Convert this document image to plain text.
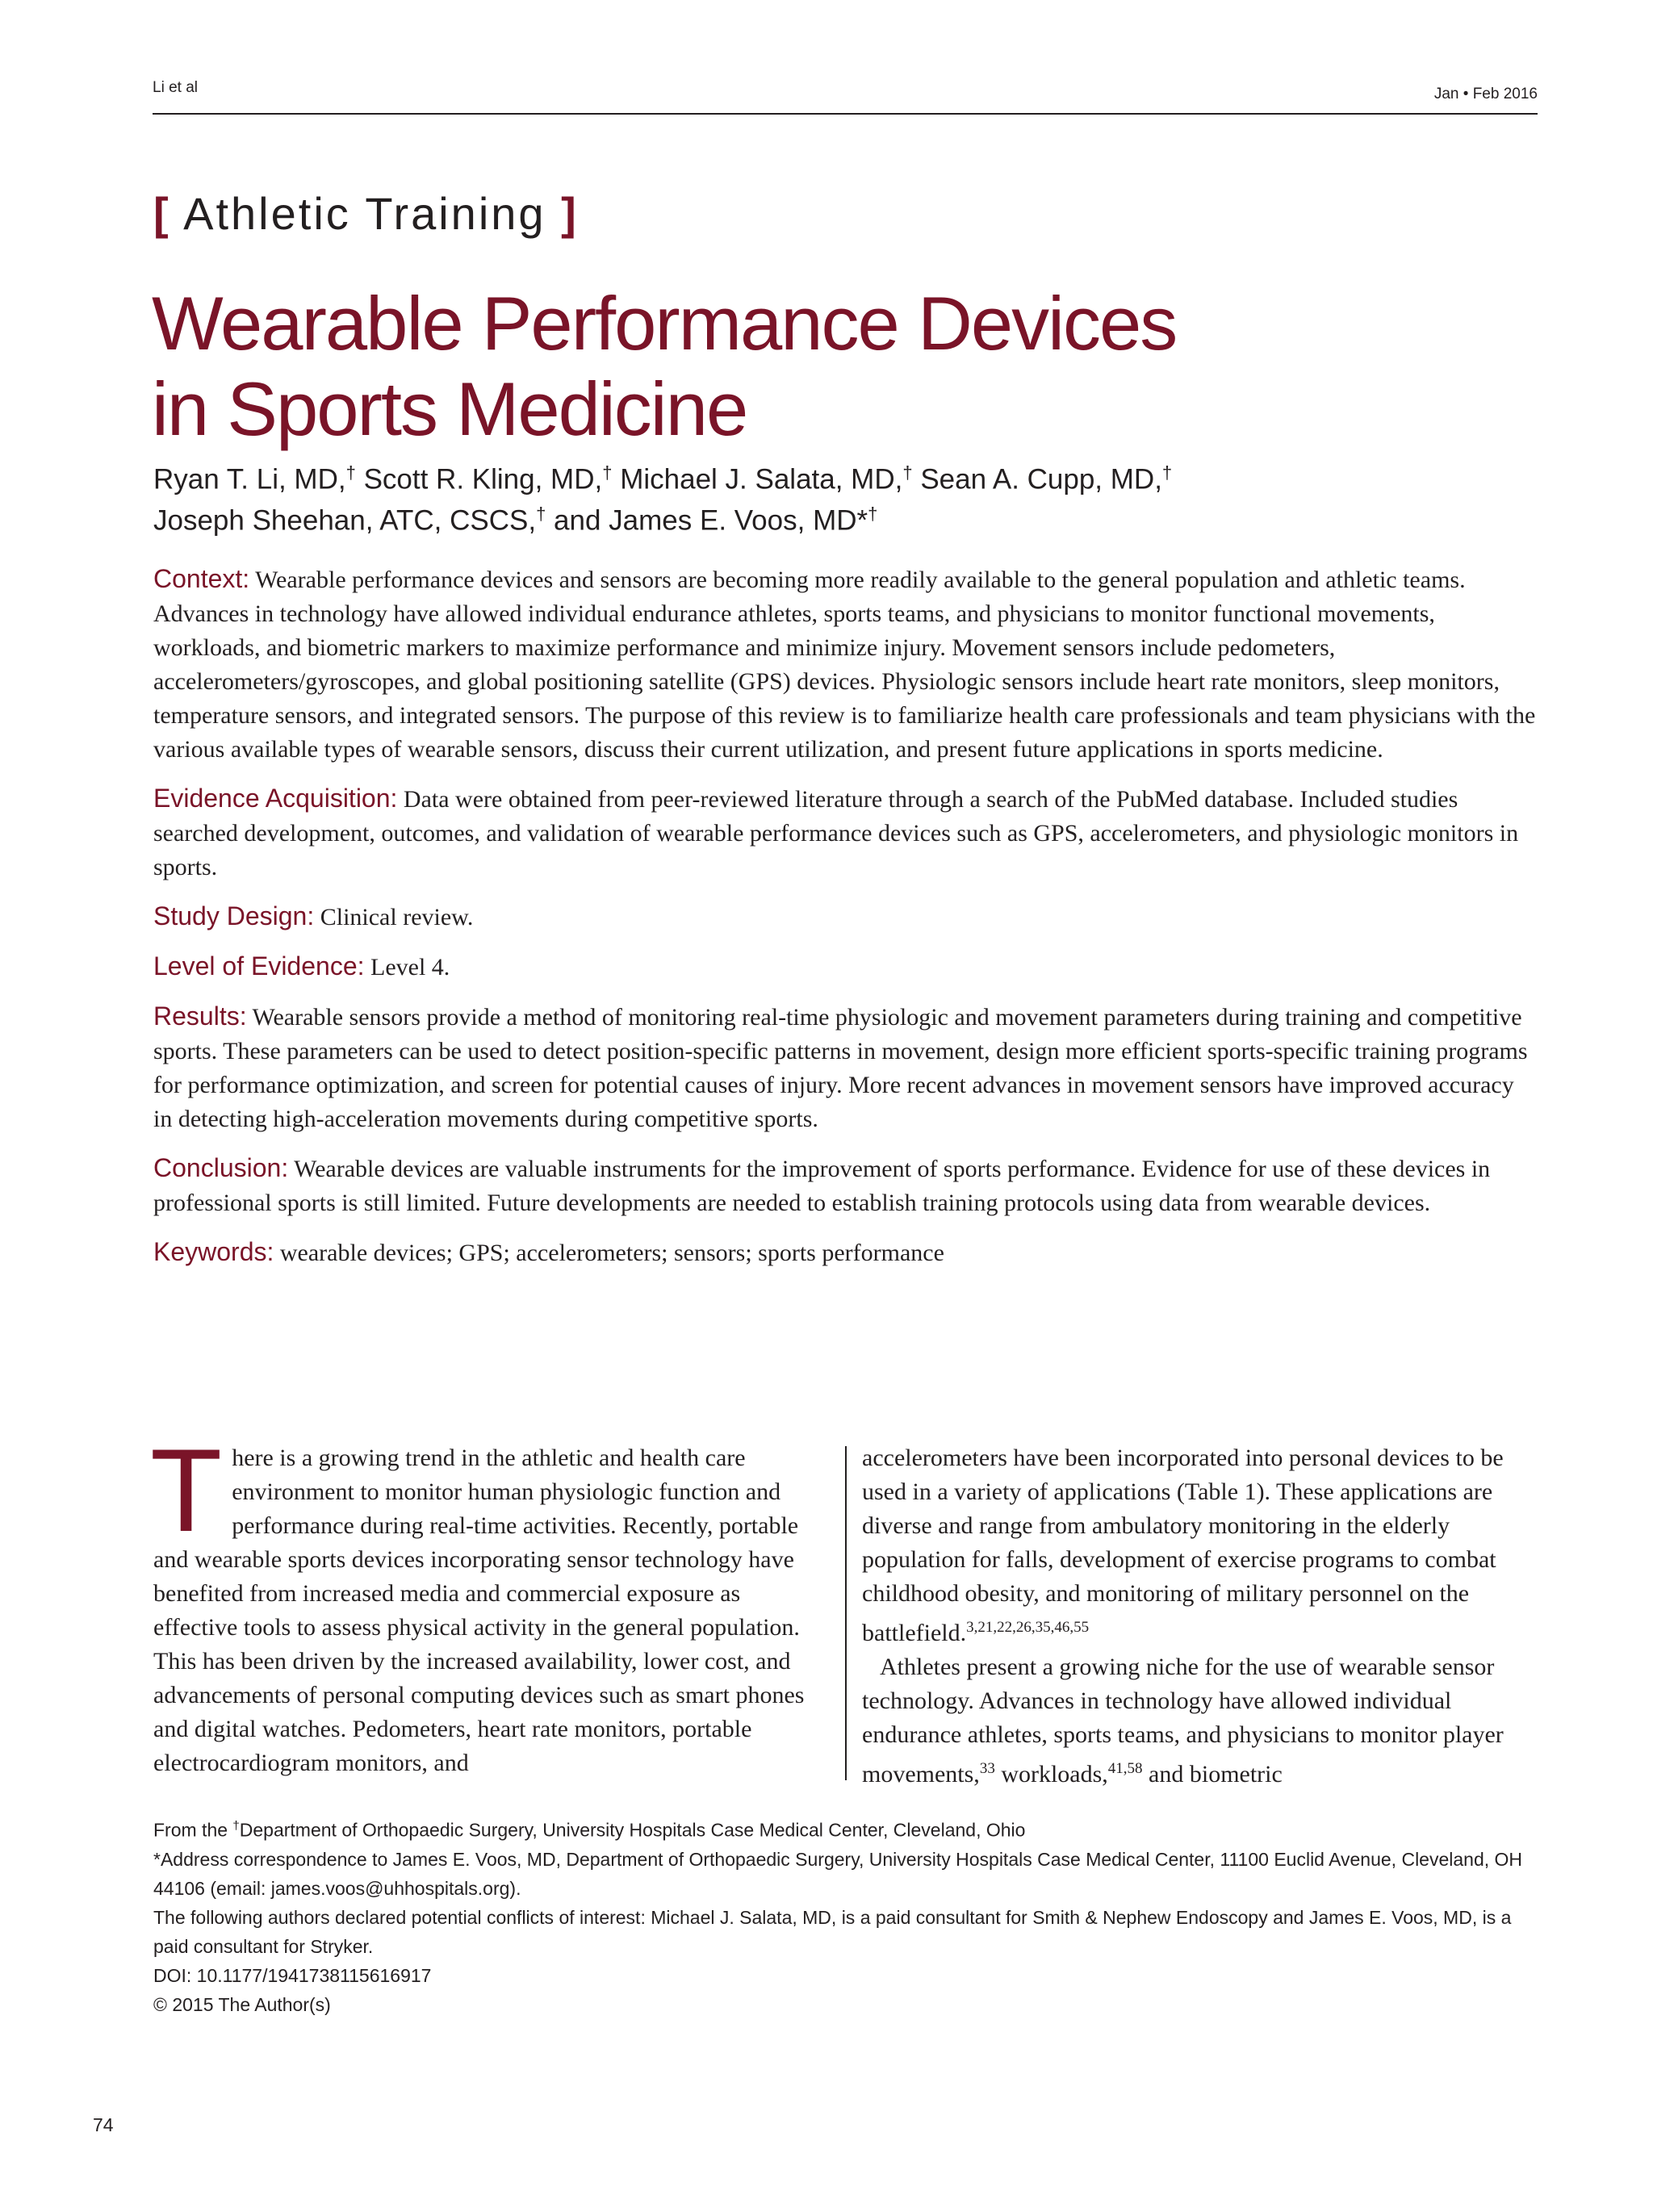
Li et al	Jan • Feb 2016
[ Athletic Training ]
Wearable Performance Devices
in Sports Medicine
Ryan T. Li, MD,† Scott R. Kling, MD,† Michael J. Salata, MD,† Sean A. Cupp, MD,†
Joseph Sheehan, ATC, CSCS,† and James E. Voos, MD*†

Context: Wearable performance devices and sensors are becoming more readily available to the general population and athletic teams. Advances in technology have allowed individual endurance athletes, sports teams, and physicians to monitor functional movements, workloads, and biometric markers to maximize performance and minimize injury. Movement sensors include pedometers, accelerometers/gyroscopes, and global positioning satellite (GPS) devices. Physiologic sensors include heart rate monitors, sleep monitors, temperature sensors, and integrated sensors. The purpose of this review is to familiarize health care professionals and team physicians with the various available types of wearable sensors, discuss their current utilization, and present future applications in sports medicine.

Evidence Acquisition: Data were obtained from peer-reviewed literature through a search of the PubMed database. Included studies searched development, outcomes, and validation of wearable performance devices such as GPS, accelerometers, and physiologic monitors in sports.

Study Design: Clinical review.

Level of Evidence: Level 4.

Results: Wearable sensors provide a method of monitoring real-time physiologic and movement parameters during training and competitive sports. These parameters can be used to detect position-specific patterns in movement, design more efficient sports-specific training programs for performance optimization, and screen for potential causes of injury. More recent advances in movement sensors have improved accuracy in detecting high-acceleration movements during competitive sports.

Conclusion: Wearable devices are valuable instruments for the improvement of sports performance. Evidence for use of these devices in professional sports is still limited. Future developments are needed to establish training protocols using data from wearable devices.

Keywords: wearable devices; GPS; accelerometers; sensors; sports performance

There is a growing trend in the athletic and health care environment to monitor human physiologic function and performance during real-time activities. Recently, portable and wearable sports devices incorporating sensor technology have benefited from increased media and commercial exposure as effective tools to assess physical activity in the general population. This has been driven by the increased availability, lower cost, and advancements of personal computing devices such as smart phones and digital watches. Pedometers, heart rate monitors, portable electrocardiogram monitors, and

accelerometers have been incorporated into personal devices to be used in a variety of applications (Table 1). These applications are diverse and range from ambulatory monitoring in the elderly population for falls, development of exercise programs to combat childhood obesity, and monitoring of military personnel on the battlefield.$^{3,21,22,26,35,46,55}$

Athletes present a growing niche for the use of wearable sensor technology. Advances in technology have allowed individual endurance athletes, sports teams, and physicians to monitor player movements,$^{33}$ workloads,$^{41,58}$ and biometric

From the †Department of Orthopaedic Surgery, University Hospitals Case Medical Center, Cleveland, Ohio

*Address correspondence to James E. Voos, MD, Department of Orthopaedic Surgery, University Hospitals Case Medical Center, 11100 Euclid Avenue, Cleveland, OH 44106 (email: james.voos@uhhospitals.org).

The following authors declared potential conflicts of interest: Michael J. Salata, MD, is a paid consultant for Smith & Nephew Endoscopy and James E. Voos, MD, is a paid consultant for Stryker.

DOI: 10.1177/1941738115616917

© 2015 The Author(s)

74
